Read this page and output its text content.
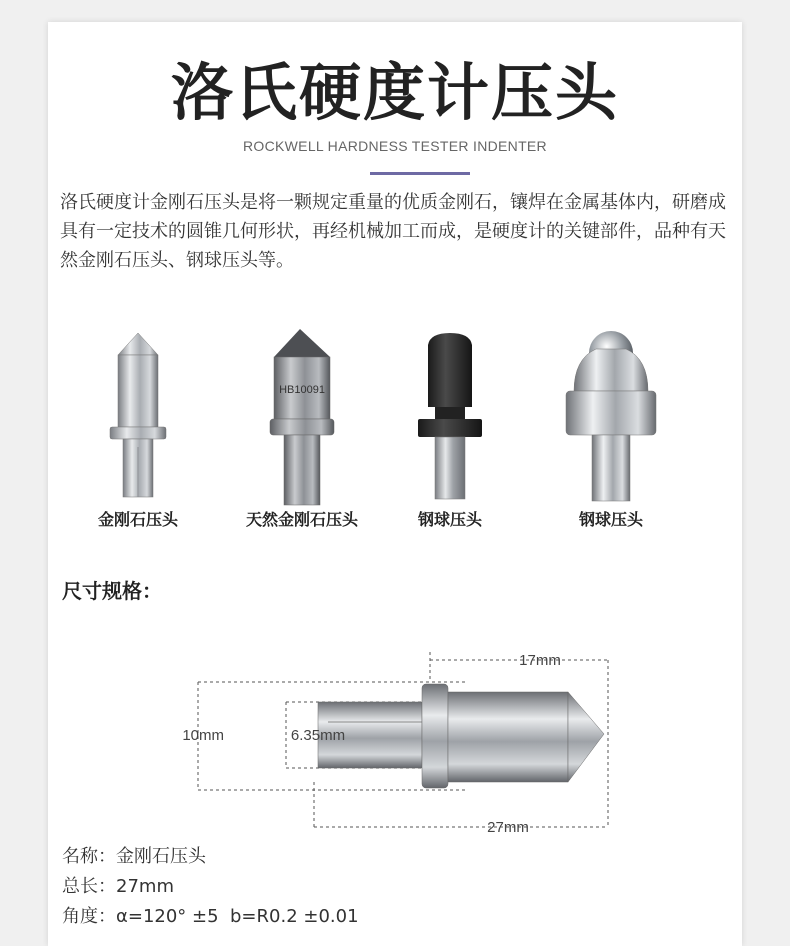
洛氏硬度计压头
ROCKWELL HARDNESS TESTER INDENTER
洛氏硬度计金刚石压头是将一颗规定重量的优质金刚石，镶焊在金属基体内，研磨成具有一定技术的圆锥几何形状，再经机械加工而成，是硬度计的关键部件，品种有天然金刚石压头、钢球压头等。
HB10091
金刚石压头	天然金刚石压头	钢球压头	钢球压头
尺寸规格：
17mm
27mm
10mm	6.35mm
名称：金刚石压头
总长：27mm
角度：α=120° ±5  b=R0.2 ±0.01
